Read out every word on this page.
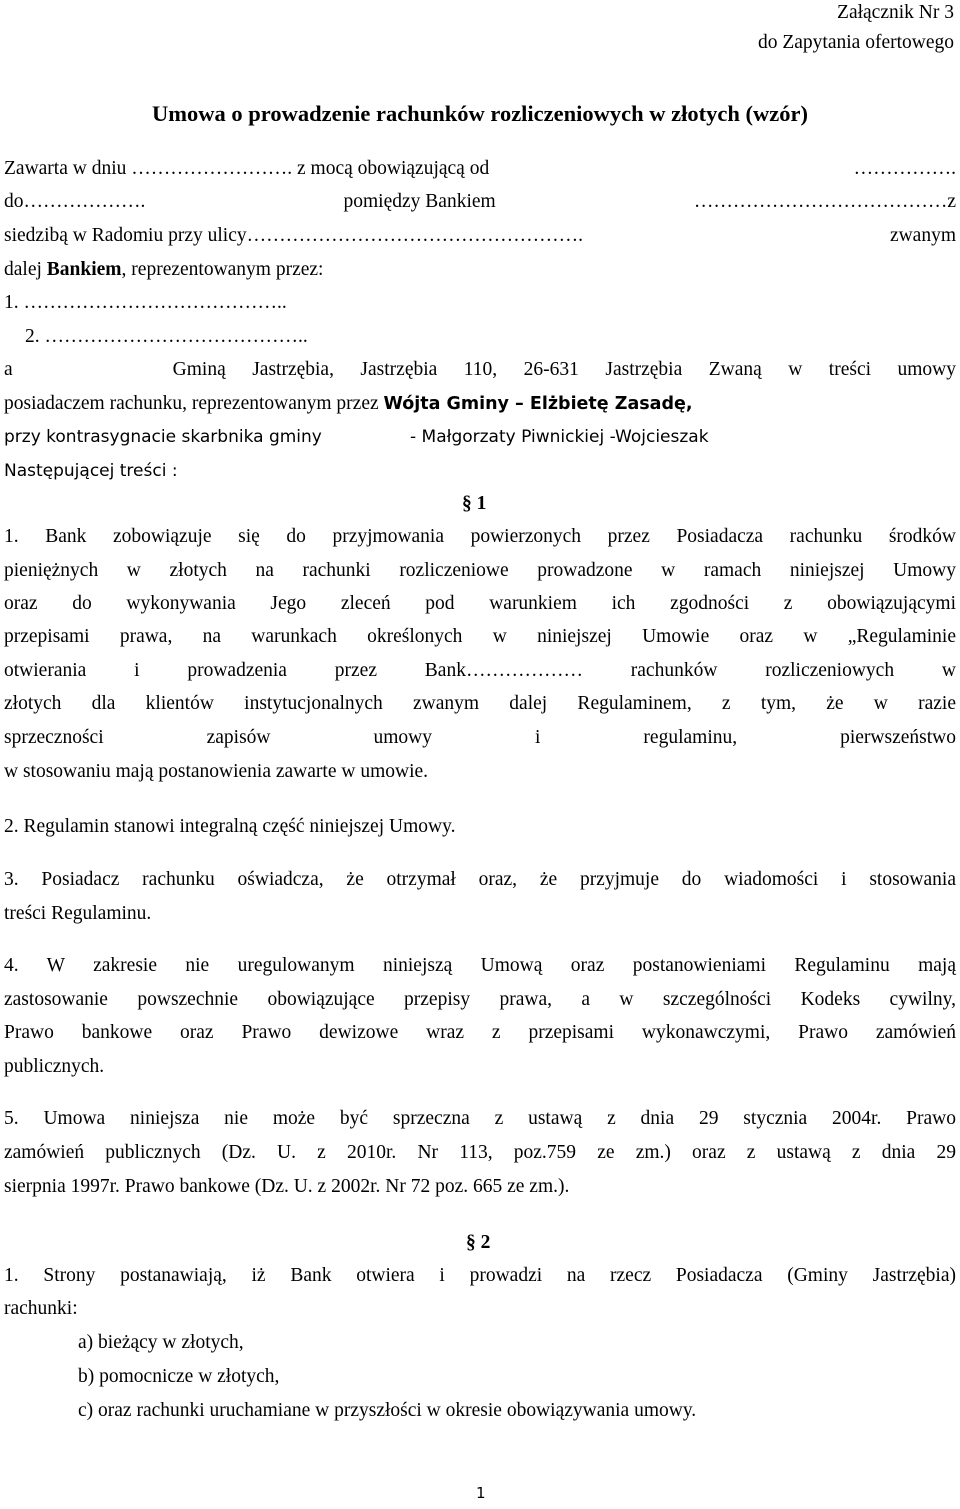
Załącznik Nr 3
do Zapytania ofertowego
Umowa o prowadzenie rachunków rozliczeniowych w złotych (wzór)
Zawarta w dniu ……………………. z mocą obowiązującą od	…………….
do……………….	pomiędzy Bankiem	…………………………………z
siedzibą w Radomiu przy ulicy…………………………………………….	zwanym
dalej Bankiem, reprezentowanym przez:
1. …………………………………..
2. …………………………………..
a	Gminą Jastrzębia, Jastrzębia 110, 26-631 Jastrzębia Zwaną w treści umowy
posiadaczem rachunku, reprezentowanym przez Wójta Gminy – Elżbietę Zasadę,
przy kontrasygnacie skarbnika gminy	- Małgorzaty Piwnickiej -Wojcieszak
Następującej treści :
§ 1
1. Bank zobowiązuje się do przyjmowania powierzonych przez Posiadacza rachunku środków
pieniężnych w złotych na rachunki rozliczeniowe prowadzone w ramach niniejszej Umowy
oraz do wykonywania Jego zleceń pod warunkiem ich zgodności z obowiązującymi
przepisami prawa, na warunkach określonych w niniejszej Umowie oraz w „Regulaminie
otwierania i prowadzenia przez Bank……………… rachunków rozliczeniowych w
złotych dla klientów instytucjonalnych zwanym dalej Regulaminem, z tym, że w razie
sprzeczności zapisów umowy i regulaminu, pierwszeństwo
w stosowaniu mają postanowienia zawarte w umowie.
2. Regulamin stanowi integralną część niniejszej Umowy.
3. Posiadacz rachunku oświadcza, że otrzymał oraz, że przyjmuje do wiadomości i stosowania
treści Regulaminu.
4. W zakresie nie uregulowanym niniejszą Umową oraz postanowieniami Regulaminu mają
zastosowanie powszechnie obowiązujące przepisy prawa, a w szczególności Kodeks cywilny,
Prawo bankowe oraz Prawo dewizowe wraz z przepisami wykonawczymi, Prawo zamówień
publicznych.
5. Umowa niniejsza nie może być sprzeczna z ustawą z dnia 29 stycznia 2004r. Prawo
zamówień publicznych (Dz. U. z 2010r. Nr 113, poz.759 ze zm.) oraz z ustawą z dnia 29
sierpnia 1997r. Prawo bankowe (Dz. U. z 2002r. Nr 72 poz. 665 ze zm.).
§ 2
1. Strony postanawiają, iż Bank otwiera i prowadzi na rzecz Posiadacza (Gminy Jastrzębia)
rachunki:
a) bieżący w złotych,
b) pomocnicze w złotych,
c) oraz rachunki uruchamiane w przyszłości w okresie obowiązywania umowy.
1
